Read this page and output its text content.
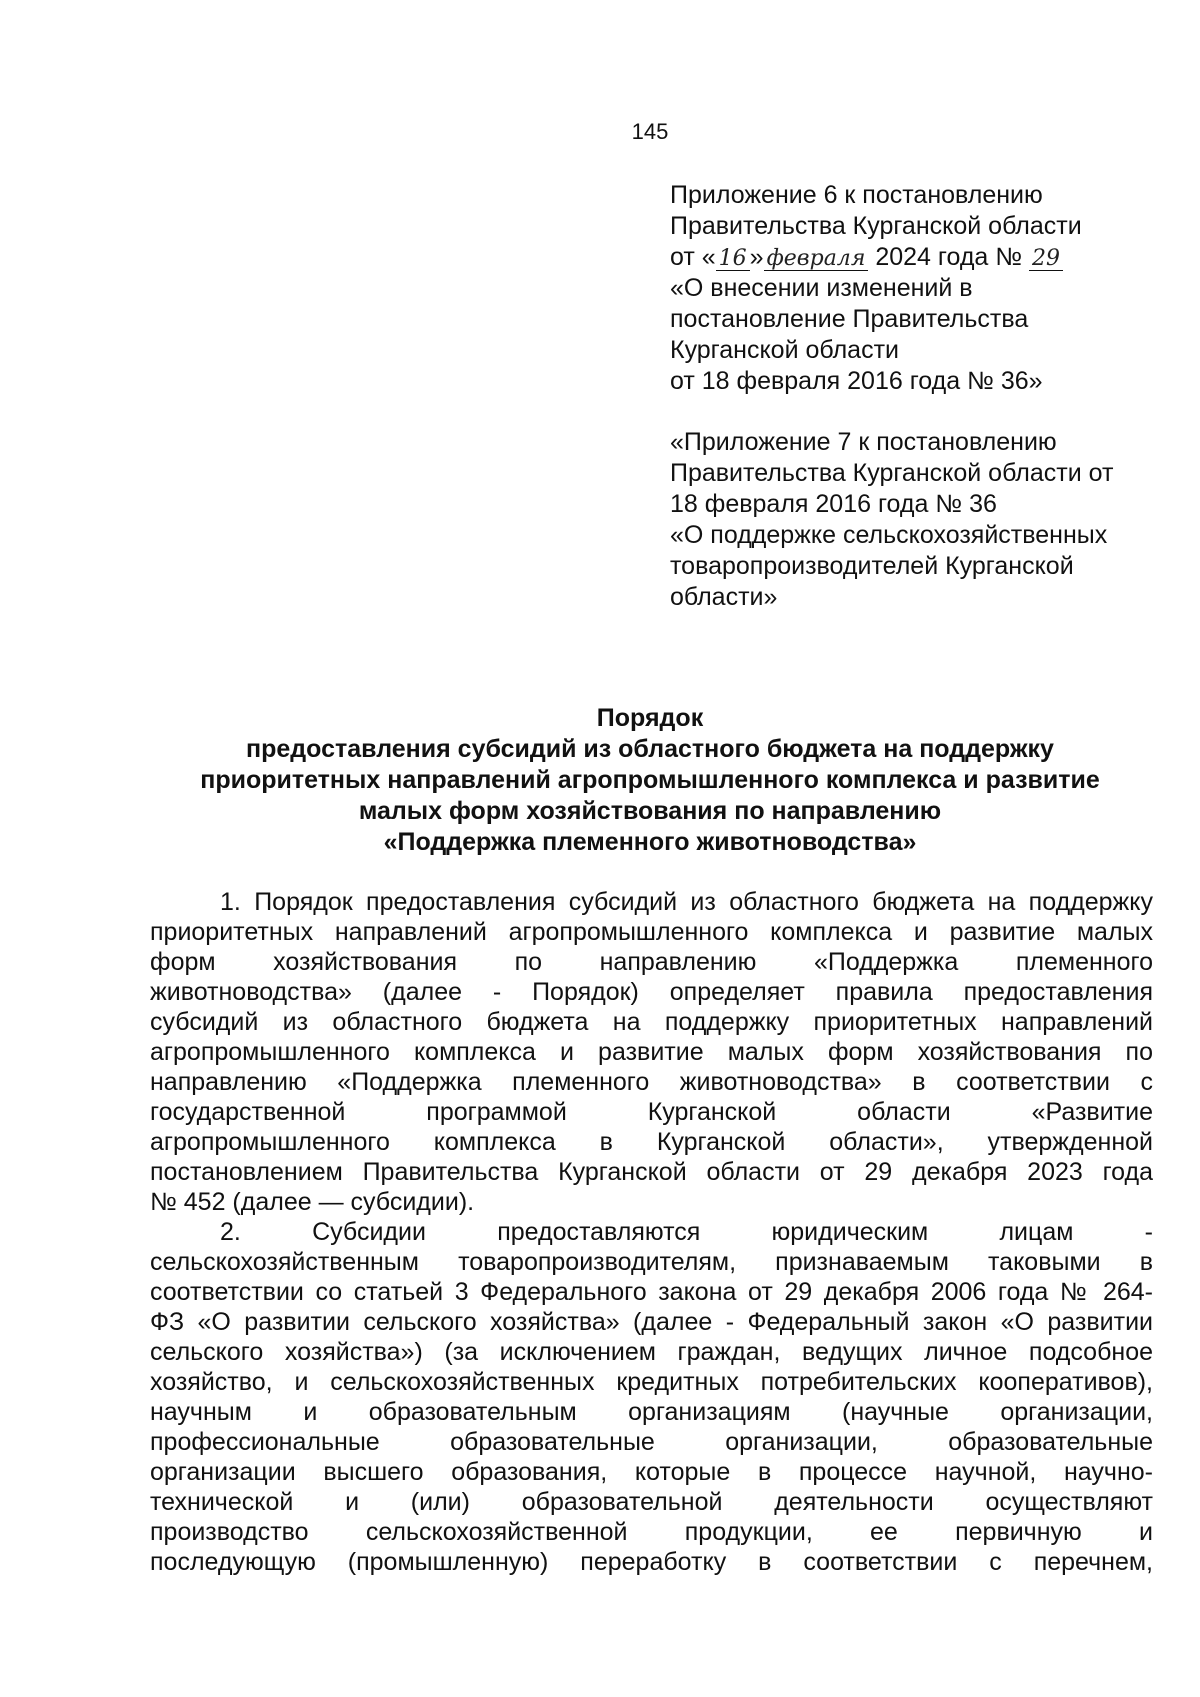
145
Приложение 6 к постановлению
Правительства Курганской области
от « 16 » февраля 2024 года № 29
«О внесении изменений в
постановление Правительства
Курганской области
от 18 февраля 2016 года № 36»
«Приложение 7 к постановлению
Правительства Курганской области от
18 февраля 2016 года № 36
«О поддержке сельскохозяйственных
товаропроизводителей Курганской
области»
Порядок
предоставления субсидий из областного бюджета на поддержку
приоритетных направлений агропромышленного комплекса и развитие
малых форм хозяйствования по направлению
«Поддержка племенного животноводства»
1. Порядок предоставления субсидий из областного бюджета на поддержку
приоритетных направлений агропромышленного комплекса и развитие малых
форм хозяйствования по направлению «Поддержка племенного
животноводства» (далее - Порядок) определяет правила предоставления
субсидий из областного бюджета на поддержку приоритетных направлений
агропромышленного комплекса и развитие малых форм хозяйствования по
направлению «Поддержка племенного животноводства» в соответствии с
государственной программой Курганской области «Развитие
агропромышленного комплекса в Курганской области», утвержденной
постановлением Правительства Курганской области от 29 декабря 2023 года
№ 452 (далее — субсидии).
2. Субсидии предоставляются юридическим лицам -
сельскохозяйственным товаропроизводителям, признаваемым таковыми в
соответствии со статьей 3 Федерального закона от 29 декабря 2006 года № 264-
ФЗ «О развитии сельского хозяйства» (далее - Федеральный закон «О развитии
сельского хозяйства») (за исключением граждан, ведущих личное подсобное
хозяйство, и сельскохозяйственных кредитных потребительских кооперативов),
научным и образовательным организациям (научные организации,
профессиональные образовательные организации, образовательные
организации высшего образования, которые в процессе научной, научно-
технической и (или) образовательной деятельности осуществляют
производство сельскохозяйственной продукции, ее первичную и
последующую (промышленную) переработку в соответствии с перечнем,
